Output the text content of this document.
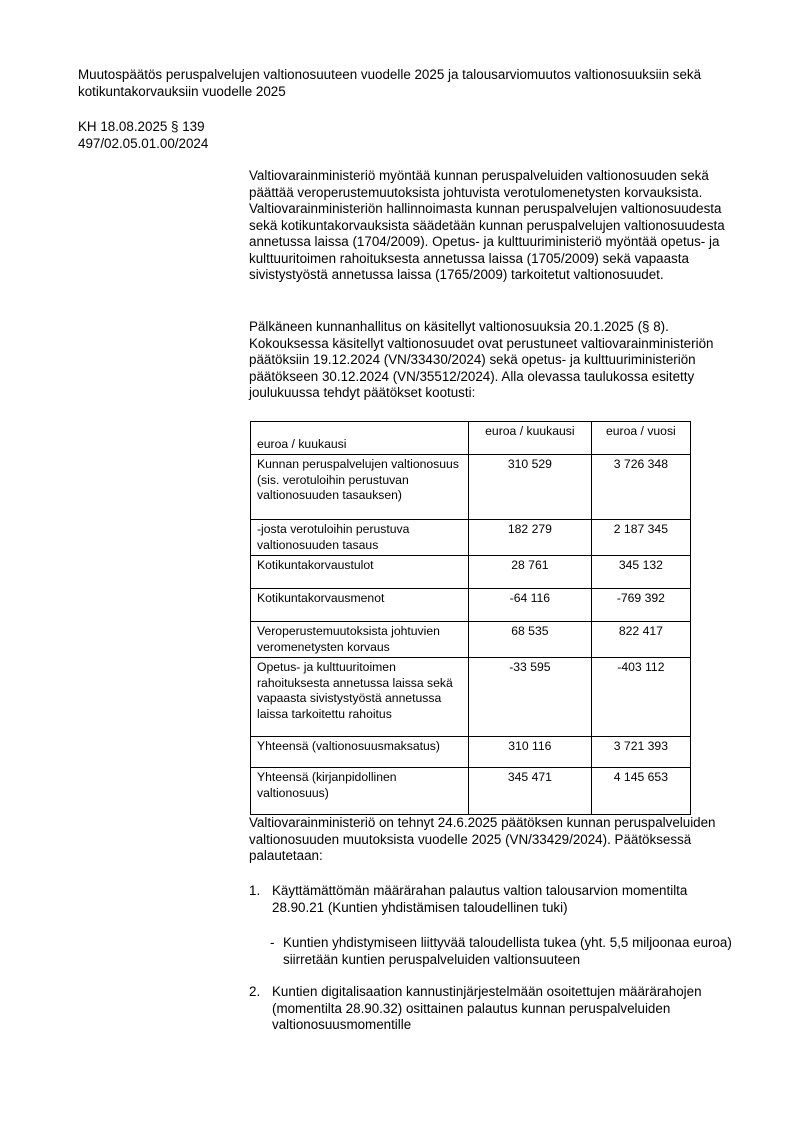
Muutospäätös peruspalvelujen valtionosuuteen vuodelle 2025 ja talousarviomuutos valtionosuuksiin sekä kotikuntakorvauksiin vuodelle 2025
KH 18.08.2025 § 139
497/02.05.01.00/2024

Valtiovarainministeriö myöntää kunnan peruspalveluiden valtionosuuden sekä päättää veroperustemuutoksista johtuvista verotulomenetysten korvauksista. Valtiovarainministeriön hallinnoimasta kunnan peruspalvelujen valtionosuudesta sekä kotikuntakorvauksista säädetään kunnan peruspalvelujen valtionosuudesta annetussa laissa (1704/2009). Opetus- ja kulttuuriministeriö myöntää opetus- ja kulttuuritoimen rahoituksesta annetussa laissa (1705/2009) sekä vapaasta sivistystyöstä annetussa laissa (1765/2009) tarkoitetut valtionosuudet.

Pälkäneen kunnanhallitus on käsitellyt valtionosuuksia 20.1.2025 (§ 8). Kokouksessa käsitellyt valtionosuudet ovat perustuneet valtiovarainministeriön päätöksiin 19.12.2024 (VN/33430/2024) sekä opetus- ja kulttuuriministeriön päätökseen 30.12.2024 (VN/35512/2024). Alla olevassa taulukossa esitetty joulukuussa tehdyt päätökset kootusti:

euroa / kuukausi	euroa / kuukausi	euroa / vuosi
Kunnan peruspalvelujen valtionosuus (sis. verotuloihin perustuvan valtionosuuden tasauksen)	310 529	3 726 348
-josta verotuloihin perustuva valtionosuuden tasaus	182 279	2 187 345
Kotikuntakorvaustulot	28 761	345 132
Kotikuntakorvausmenot	-64 116	-769 392
Veroperustemuutoksista johtuvien veromenetysten korvaus	68 535	822 417
Opetus- ja kulttuuritoimen rahoituksesta annetussa laissa sekä vapaasta sivistystyöstä annetussa laissa tarkoitettu rahoitus	-33 595	-403 112
Yhteensä (valtionosuusmaksatus)	310 116	3 721 393
Yhteensä (kirjanpidollinen valtionosuus)	345 471	4 145 653

Valtiovarainministeriö on tehnyt 24.6.2025 päätöksen kunnan peruspalveluiden valtionosuuden muutoksista vuodelle 2025 (VN/33429/2024). Päätöksessä palautetaan:

1. Käyttämättömän määrärahan palautus valtion talousarvion momentilta 28.90.21 (Kuntien yhdistämisen taloudellinen tuki)
- Kuntien yhdistymiseen liittyvää taloudellista tukea (yht. 5,5 miljoonaa euroa) siirretään kuntien peruspalveluiden valtionsuuteen
2. Kuntien digitalisaation kannustinjärjestelmään osoitettujen määrärahojen (momentilta 28.90.32) osittainen palautus kunnan peruspalveluiden valtionosuusmomentille
